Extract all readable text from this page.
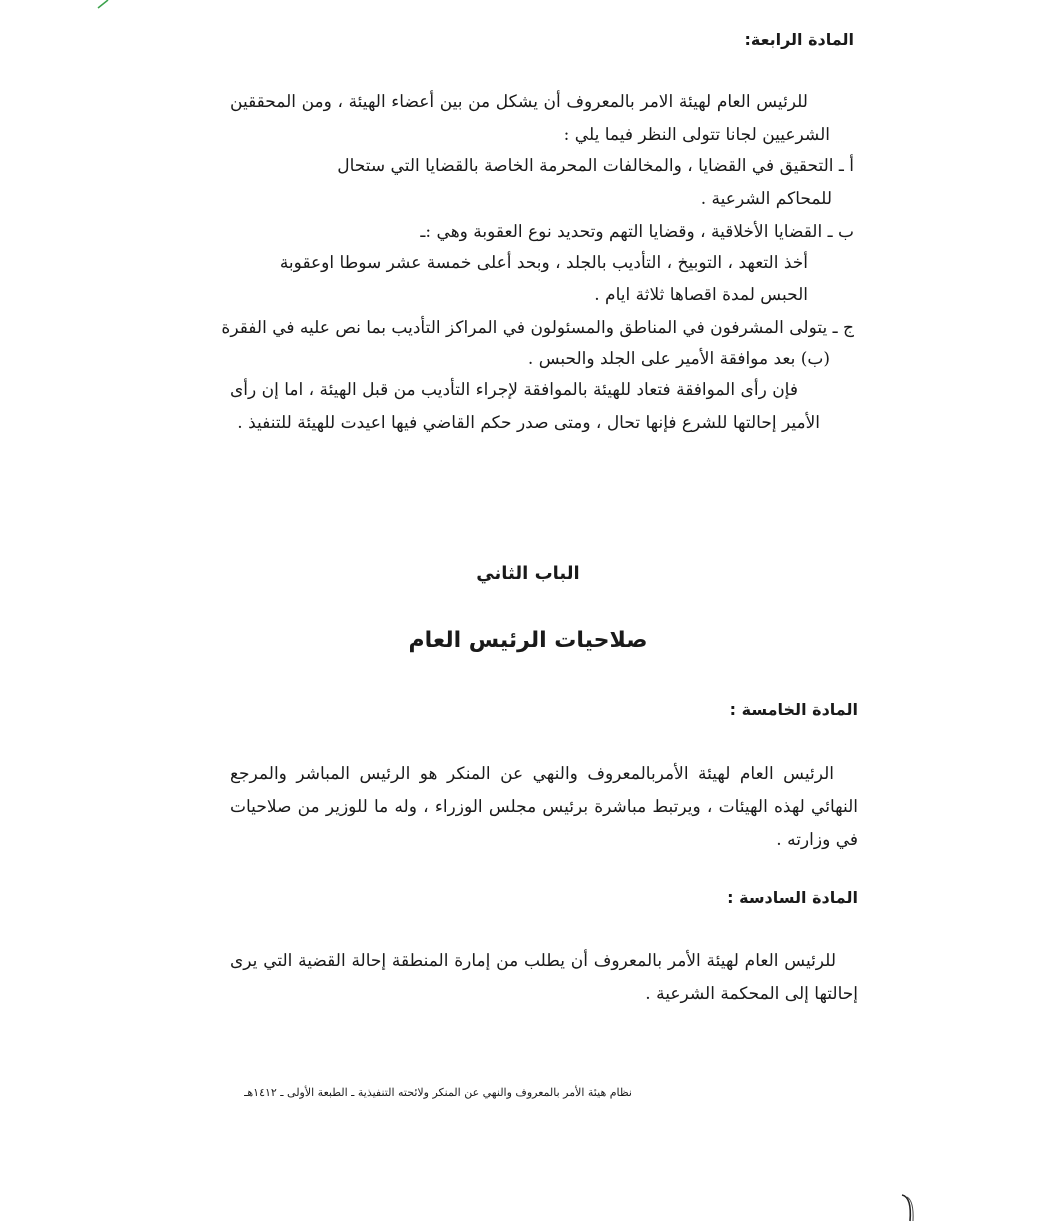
المادة الرابعة:
للرئيس العام لهيئة الامر بالمعروف أن يشكل من بين أعضاء الهيئة ، ومن المحققين الشرعيين لجانا تتولى النظر فيما يلي :
أ ـ التحقيق في القضايا ، والمخالفات المحرمة الخاصة بالقضايا التي ستحال
للمحاكم الشرعية .
ب ـ القضايا الأخلاقية ، وقضايا التهم وتحديد نوع العقوبة وهي :ـ
أخذ التعهد ، التوبيخ ، التأديب بالجلد ، وبحد أعلى خمسة عشر سوطا اوعقوبة
الحبس لمدة اقصاها ثلاثة ايام .
ج ـ يتولى المشرفون في المناطق والمسئولون في المراكز التأديب بما نص عليه في الفقرة
(ب) بعد موافقة الأمير على الجلد والحبس .
فإن رأى الموافقة فتعاد للهيئة بالموافقة لإجراء التأديب من قبل الهيئة ، اما إن رأى الأمير إحالتها للشرع فإنها تحال ، ومتى صدر حكم القاضي فيها اعيدت للهيئة للتنفيذ .
الباب الثاني
صلاحيات الرئيس العام
المادة الخامسة :
الرئيس العام لهيئة الأمربالمعروف والنهي عن المنكر هو الرئيس المباشر والمرجع النهائي لهذه الهيئات ، ويرتبط مباشرة برئيس مجلس الوزراء ، وله ما للوزير من صلاحيات في وزارته .
المادة السادسة :
للرئيس العام لهيئة الأمر بالمعروف أن يطلب من إمارة المنطقة إحالة القضية التي يرى إحالتها إلى المحكمة الشرعية .
نظام هيئة الأمر بالمعروف والنهي عن المنكر ولائحته التنفيذية ـ الطبعة الأولى ـ ١٤١٢هـ
